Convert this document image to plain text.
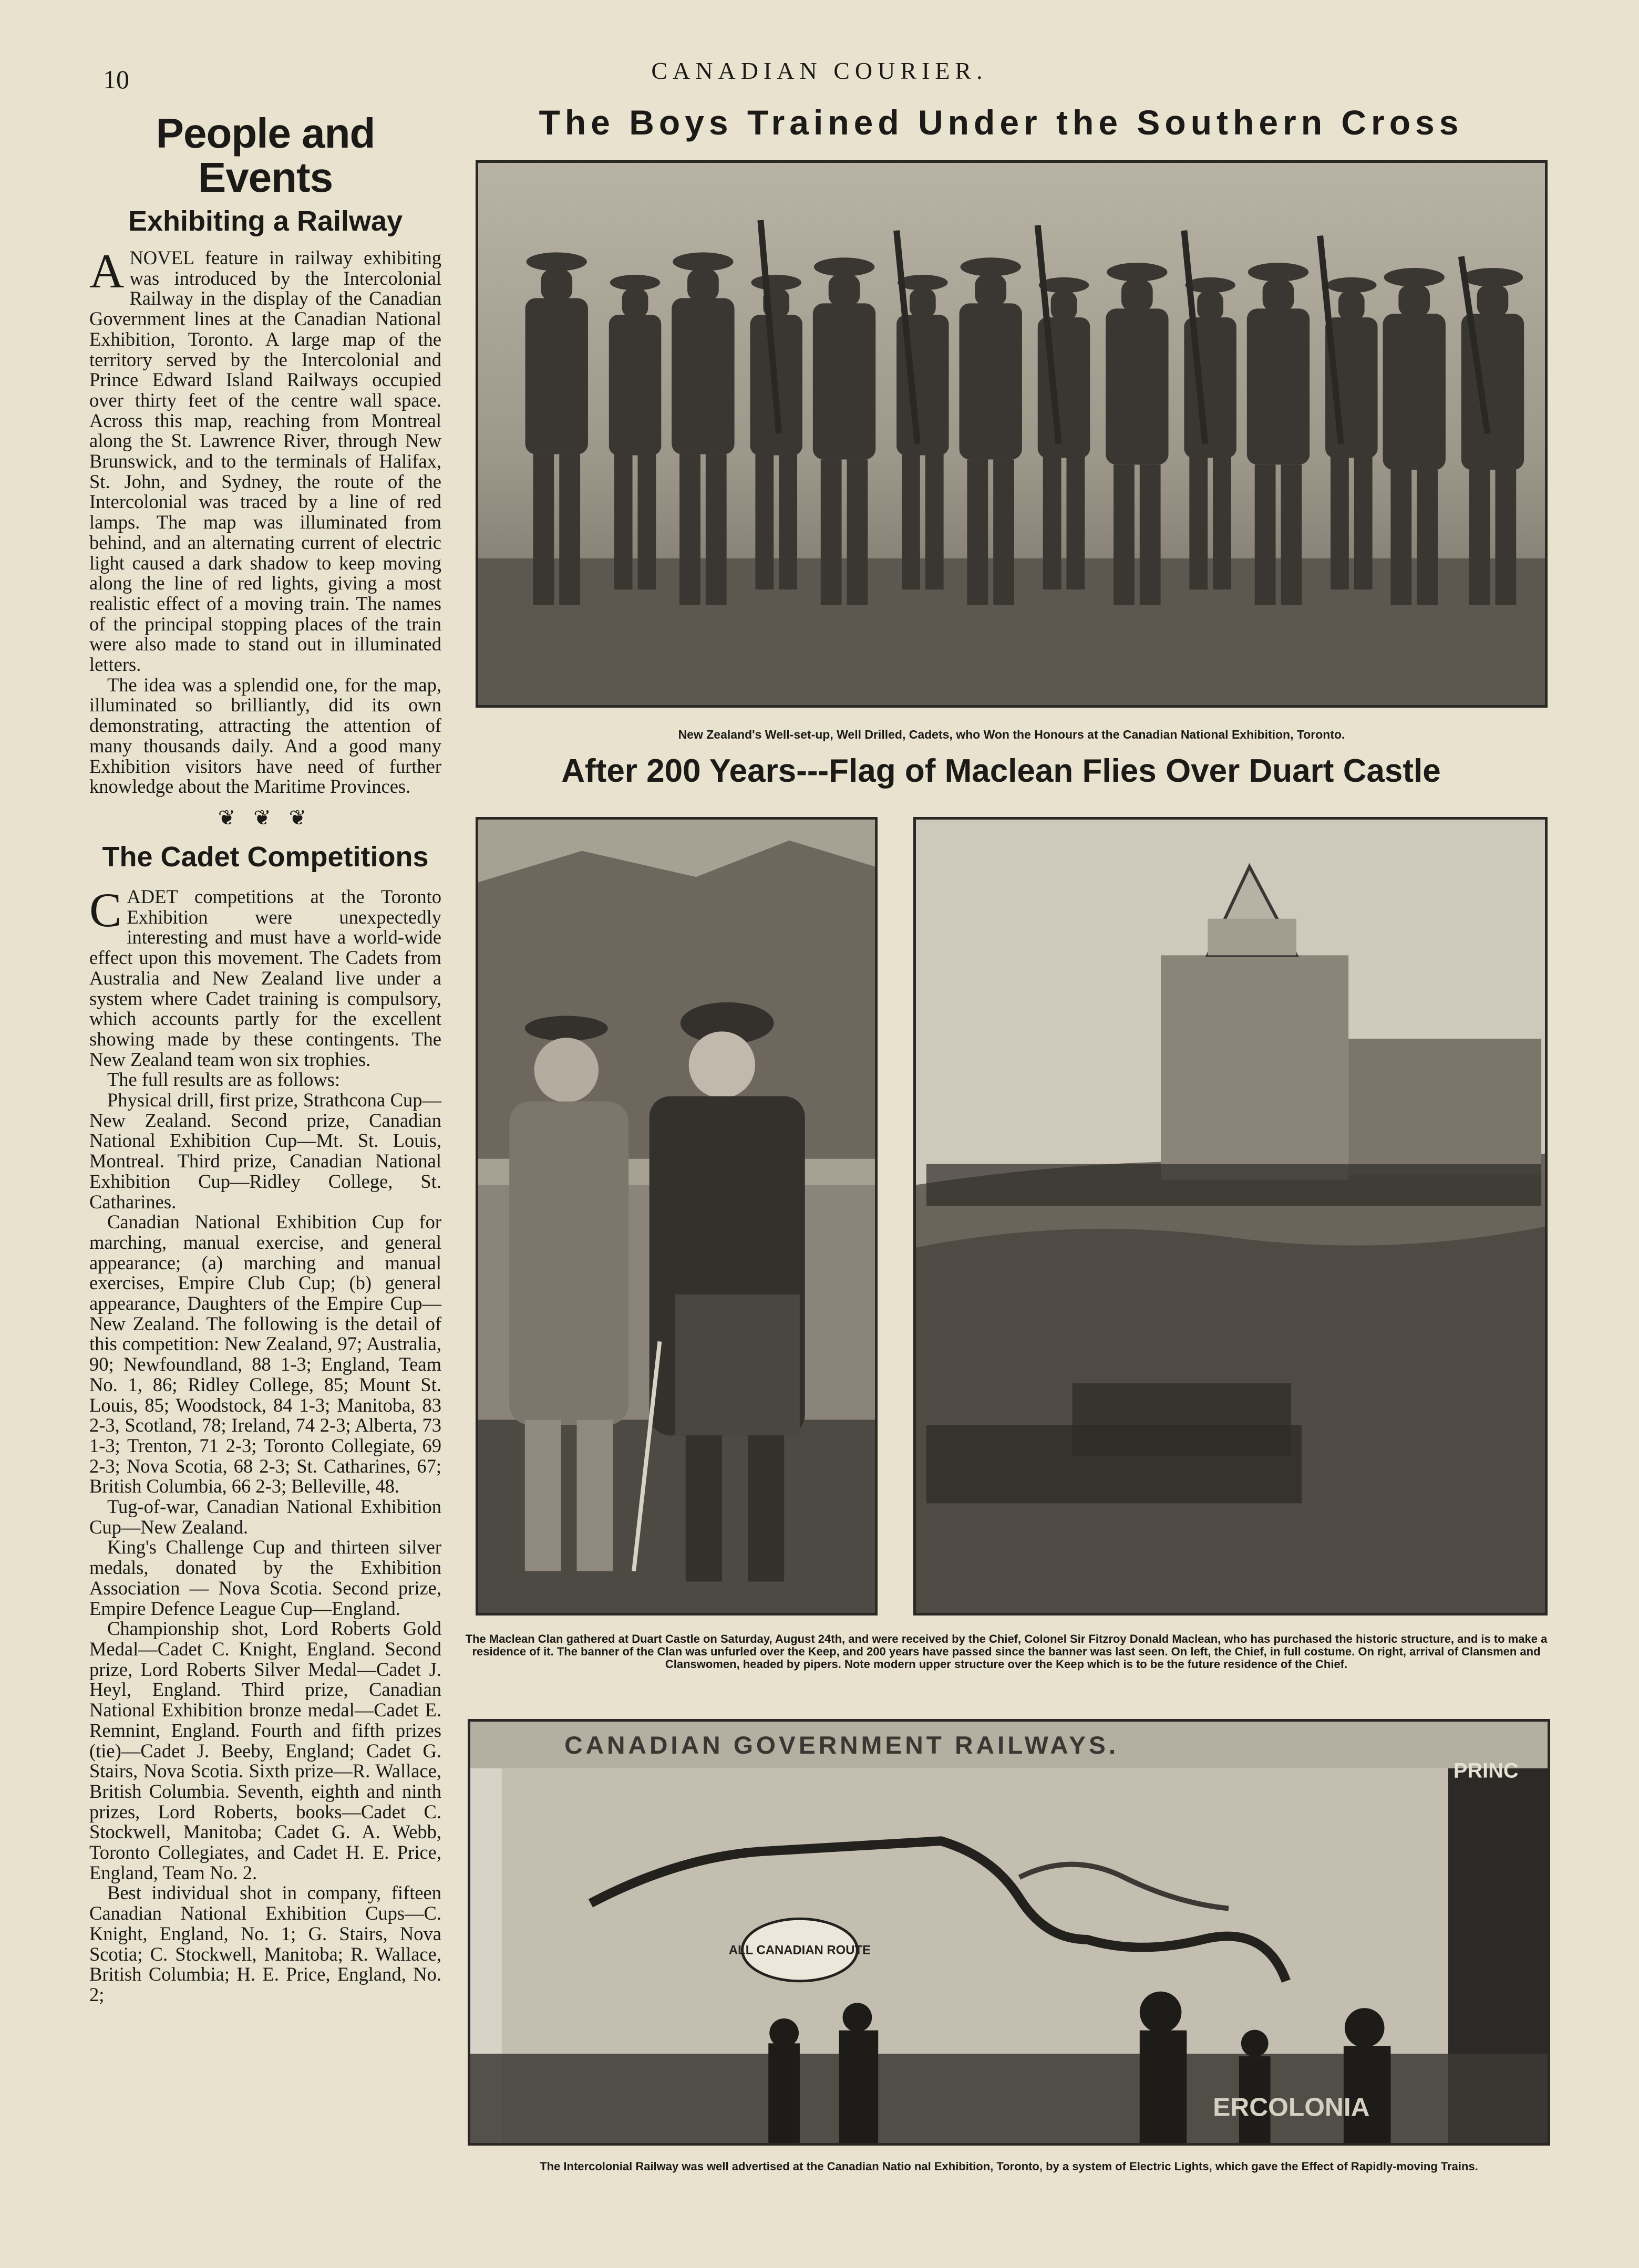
10	CANADIAN COURIER.
People and Events
Exhibiting a Railway

ANOVEL feature in railway exhibiting was introduced by the Intercolonial Railway in the display of the Canadian Government lines at the Canadian National Exhibition, Toronto. A large map of the territory served by the Intercolonial and Prince Edward Island Railways occupied over thirty feet of the centre wall space. Across this map, reaching from Montreal along the St. Lawrence River, through New Brunswick, and to the terminals of Halifax, St. John, and Sydney, the route of the Intercolonial was traced by a line of red lamps. The map was illuminated from behind, and an alternating current of electric light caused a dark shadow to keep moving along the line of red lights, giving a most realistic effect of a moving train. The names of the principal stopping places of the train were also made to stand out in illuminated letters.

The idea was a splendid one, for the map, illuminated so brilliantly, did its own demonstrating, attracting the attention of many thousands daily. And a good many Exhibition visitors have need of further knowledge about the Maritime Provinces.

❦ ❦ ❦
The Cadet Competitions

CADET competitions at the Toronto Exhibition were unexpectedly interesting and must have a world-wide effect upon this movement. The Cadets from Australia and New Zealand live under a system where Cadet training is compulsory, which accounts partly for the excellent showing made by these contingents. The New Zealand team won six trophies.

The full results are as follows:

Physical drill, first prize, Strathcona Cup—New Zealand. Second prize, Canadian National Exhibition Cup—Mt. St. Louis, Montreal. Third prize, Canadian National Exhibition Cup—Ridley College, St. Catharines.

Canadian National Exhibition Cup for marching, manual exercise, and general appearance; (a) marching and manual exercises, Empire Club Cup; (b) general appearance, Daughters of the Empire Cup—New Zealand. The following is the detail of this competition: New Zealand, 97; Australia, 90; Newfoundland, 88 1-3; England, Team No. 1, 86; Ridley College, 85; Mount St. Louis, 85; Woodstock, 84 1-3; Manitoba, 83 2-3, Scotland, 78; Ireland, 74 2-3; Alberta, 73 1-3; Trenton, 71 2-3; Toronto Collegiate, 69 2-3; Nova Scotia, 68 2-3; St. Catharines, 67; British Columbia, 66 2-3; Belleville, 48.

Tug-of-war, Canadian National Exhibition Cup—New Zealand.

King's Challenge Cup and thirteen silver medals, donated by the Exhibition Association — Nova Scotia. Second prize, Empire Defence League Cup—England.

Championship shot, Lord Roberts Gold Medal—Cadet C. Knight, England. Second prize, Lord Roberts Silver Medal—Cadet J. Heyl, England. Third prize, Canadian National Exhibition bronze medal—Cadet E. Remnint, England. Fourth and fifth prizes (tie)—Cadet J. Beeby, England; Cadet G. Stairs, Nova Scotia. Sixth prize—R. Wallace, British Columbia. Seventh, eighth and ninth prizes, Lord Roberts, books—Cadet C. Stockwell, Manitoba; Cadet G. A. Webb, Toronto Collegiates, and Cadet H. E. Price, England, Team No. 2.

Best individual shot in company, fifteen Canadian National Exhibition Cups—C. Knight, England, No. 1; G. Stairs, Nova Scotia; C. Stockwell, Manitoba; R. Wallace, British Columbia; H. E. Price, England, No. 2;

The Boys Trained Under the Southern Cross
New Zealand's Well-set-up, Well Drilled, Cadets, who Won the Honours at the Canadian National Exhibition, Toronto.
After 200 Years---Flag of Maclean Flies Over Duart Castle
The Maclean Clan gathered at Duart Castle on Saturday, August 24th, and were received by the Chief, Colonel Sir Fitzroy Donald Maclean, who has purchased the historic structure, and is to make a residence of it. The banner of the Clan was unfurled over the Keep, and 200 years have passed since the banner was last seen. On left, the Chief, in full costume. On right, arrival of Clansmen and Clanswomen, headed by pipers. Note modern upper structure over the Keep which is to be the future residence of the Chief.
CANADIAN GOVERNMENT RAILWAYS.
PRINC
ALL CANADIAN ROUTE
ERCOLONIA
The Intercolonial Railway was well advertised at the Canadian Natio nal Exhibition, Toronto, by a system of Electric Lights, which gave the Effect of Rapidly-moving Trains.
